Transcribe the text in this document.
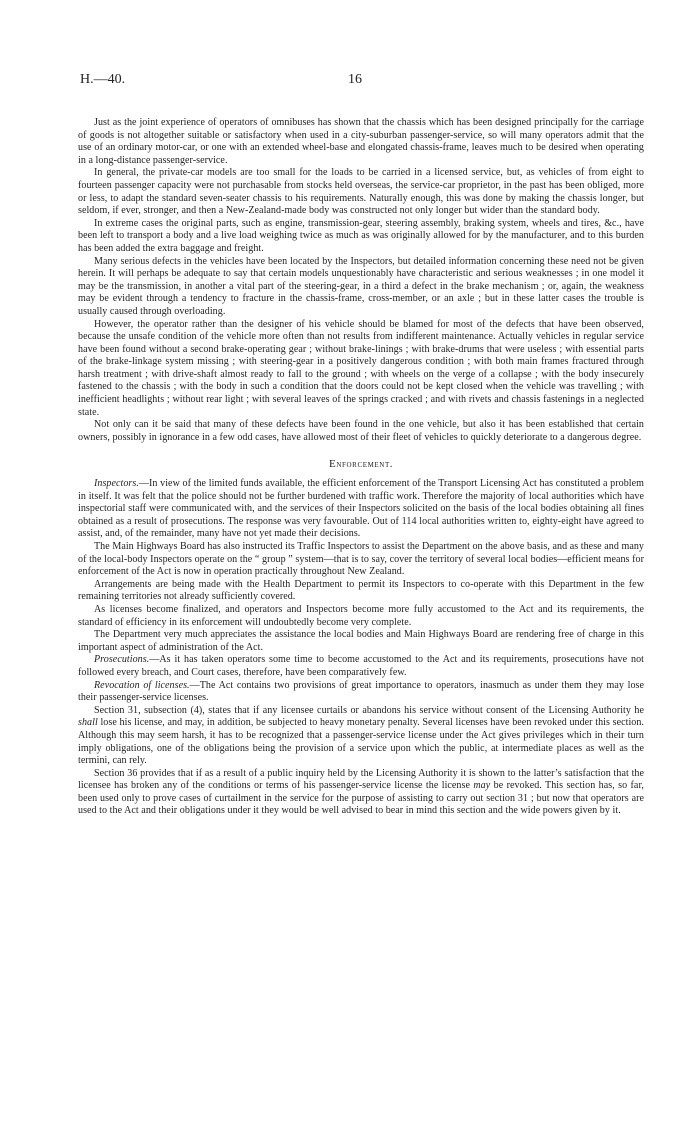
H.—40.	16

Just as the joint experience of operators of omnibuses has shown that the chassis which has been designed principally for the carriage of goods is not altogether suitable or satisfactory when used in a city-suburban passenger-service, so will many operators admit that the use of an ordinary motor-car, or one with an extended wheel-base and elongated chassis-frame, leaves much to be desired when operating in a long-distance passenger-service.

In general, the private-car models are too small for the loads to be carried in a licensed service, but, as vehicles of from eight to fourteen passenger capacity were not purchasable from stocks held overseas, the service-car proprietor, in the past has been obliged, more or less, to adapt the standard seven-seater chassis to his requirements. Naturally enough, this was done by making the chassis longer, but seldom, if ever, stronger, and then a New-Zealand-made body was constructed not only longer but wider than the standard body.

In extreme cases the original parts, such as engine, transmission-gear, steering assembly, braking system, wheels and tires, &c., have been left to transport a body and a live load weighing twice as much as was originally allowed for by the manufacturer, and to this burden has been added the extra baggage and freight.

Many serious defects in the vehicles have been located by the Inspectors, but detailed information concerning these need not be given herein. It will perhaps be adequate to say that certain models unquestionably have characteristic and serious weaknesses ; in one model it may be the transmission, in another a vital part of the steering-gear, in a third a defect in the brake mechanism ; or, again, the weakness may be evident through a tendency to fracture in the chassis-frame, cross-member, or an axle ; but in these latter cases the trouble is usually caused through overloading.

However, the operator rather than the designer of his vehicle should be blamed for most of the defects that have been observed, because the unsafe condition of the vehicle more often than not results from indifferent maintenance. Actually vehicles in regular service have been found without a second brake-operating gear ; without brake-linings ; with brake-drums that were useless ; with essential parts of the brake-linkage system missing ; with steering-gear in a positively dangerous condition ; with both main frames fractured through harsh treatment ; with drive-shaft almost ready to fall to the ground ; with wheels on the verge of a collapse ; with the body insecurely fastened to the chassis ; with the body in such a condition that the doors could not be kept closed when the vehicle was travelling ; with inefficient headlights ; without rear light ; with several leaves of the springs cracked ; and with rivets and chassis fastenings in a neglected state.

Not only can it be said that many of these defects have been found in the one vehicle, but also it has been established that certain owners, possibly in ignorance in a few odd cases, have allowed most of their fleet of vehicles to quickly deteriorate to a dangerous degree.

Enforcement.

Inspectors.—In view of the limited funds available, the efficient enforcement of the Transport Licensing Act has constituted a problem in itself. It was felt that the police should not be further burdened with traffic work. Therefore the majority of local authorities which have inspectorial staff were communicated with, and the services of their Inspectors solicited on the basis of the local bodies obtaining all fines obtained as a result of prosecutions. The response was very favourable. Out of 114 local authorities written to, eighty-eight have agreed to assist, and, of the remainder, many have not yet made their decisions.

The Main Highways Board has also instructed its Traffic Inspectors to assist the Department on the above basis, and as these and many of the local-body Inspectors operate on the “ group ” system—that is to say, cover the territory of several local bodies—efficient means for enforcement of the Act is now in operation practically throughout New Zealand.

Arrangements are being made with the Health Department to permit its Inspectors to co-operate with this Department in the few remaining territories not already sufficiently covered.

As licenses become finalized, and operators and Inspectors become more fully accustomed to the Act and its requirements, the standard of efficiency in its enforcement will undoubtedly become very complete.

The Department very much appreciates the assistance the local bodies and Main Highways Board are rendering free of charge in this important aspect of administration of the Act.

Prosecutions.—As it has taken operators some time to become accustomed to the Act and its requirements, prosecutions have not followed every breach, and Court cases, therefore, have been comparatively few.

Revocation of licenses.—The Act contains two provisions of great importance to operators, inasmuch as under them they may lose their passenger-service licenses.

Section 31, subsection (4), states that if any licensee curtails or abandons his service without consent of the Licensing Authority he shall lose his license, and may, in addition, be subjected to heavy monetary penalty. Several licenses have been revoked under this section. Although this may seem harsh, it has to be recognized that a passenger-service license under the Act gives privileges which in their turn imply obligations, one of the obligations being the provision of a service upon which the public, at intermediate places as well as the termini, can rely.

Section 36 provides that if as a result of a public inquiry held by the Licensing Authority it is shown to the latter’s satisfaction that the licensee has broken any of the conditions or terms of his passenger-service license the license may be revoked. This section has, so far, been used only to prove cases of curtailment in the service for the purpose of assisting to carry out section 31 ; but now that operators are used to the Act and their obligations under it they would be well advised to bear in mind this section and the wide powers given by it.
